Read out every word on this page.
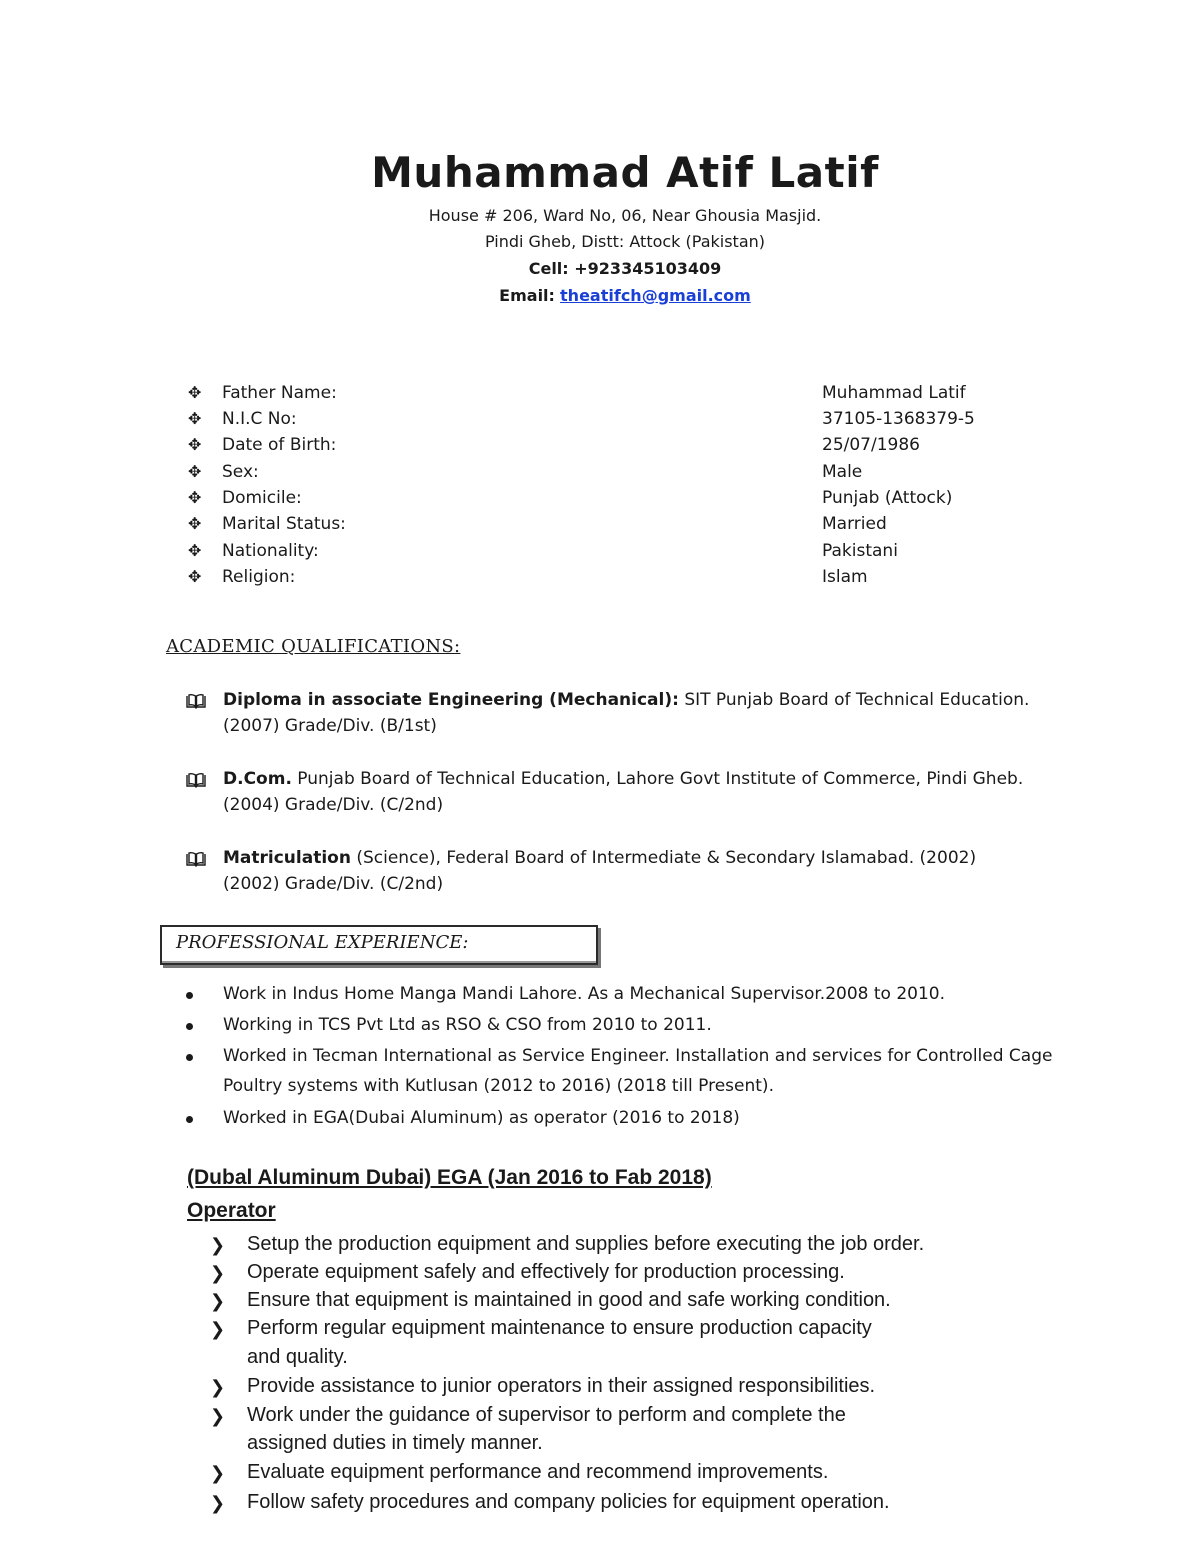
Muhammad Atif Latif
House # 206, Ward No, 06, Near Ghousia Masjid.
Pindi Gheb, Distt: Attock (Pakistan)
Cell: +923345103409
Email: theatifch@gmail.com
✥ Father Name:	Muhammad Latif
✥ N.I.C No:	37105-1368379-5
✥ Date of Birth:	25/07/1986
✥ Sex:	Male
✥ Domicile:	Punjab (Attock)
✥ Marital Status:	Married
✥ Nationality:	Pakistani
✥ Religion:	Islam
ACADEMIC QUALIFICATIONS:
Diploma in associate Engineering (Mechanical): SIT Punjab Board of Technical Education.
(2007) Grade/Div. (B/1st)
D.Com. Punjab Board of Technical Education, Lahore Govt Institute of Commerce, Pindi Gheb.
(2004) Grade/Div. (C/2nd)
Matriculation (Science), Federal Board of Intermediate & Secondary Islamabad. (2002)
(2002) Grade/Div. (C/2nd)
PROFESSIONAL EXPERIENCE:
Work in Indus Home Manga Mandi Lahore. As a Mechanical Supervisor.2008 to 2010.
Working in TCS Pvt Ltd as RSO & CSO from 2010 to 2011.
Worked in Tecman International as Service Engineer. Installation and services for Controlled Cage
Poultry systems with Kutlusan (2012 to 2016) (2018 till Present).
Worked in EGA(Dubai Aluminum) as operator (2016 to 2018)
(Dubal Aluminum Dubai) EGA (Jan 2016 to Fab 2018)
Operator
❯ Setup the production equipment and supplies before executing the job order.
❯ Operate equipment safely and effectively for production processing.
❯ Ensure that equipment is maintained in good and safe working condition.
❯ Perform regular equipment maintenance to ensure production capacity
and quality.
❯ Provide assistance to junior operators in their assigned responsibilities.
❯ Work under the guidance of supervisor to perform and complete the
assigned duties in timely manner.
❯ Evaluate equipment performance and recommend improvements.
❯ Follow safety procedures and company policies for equipment operation.
